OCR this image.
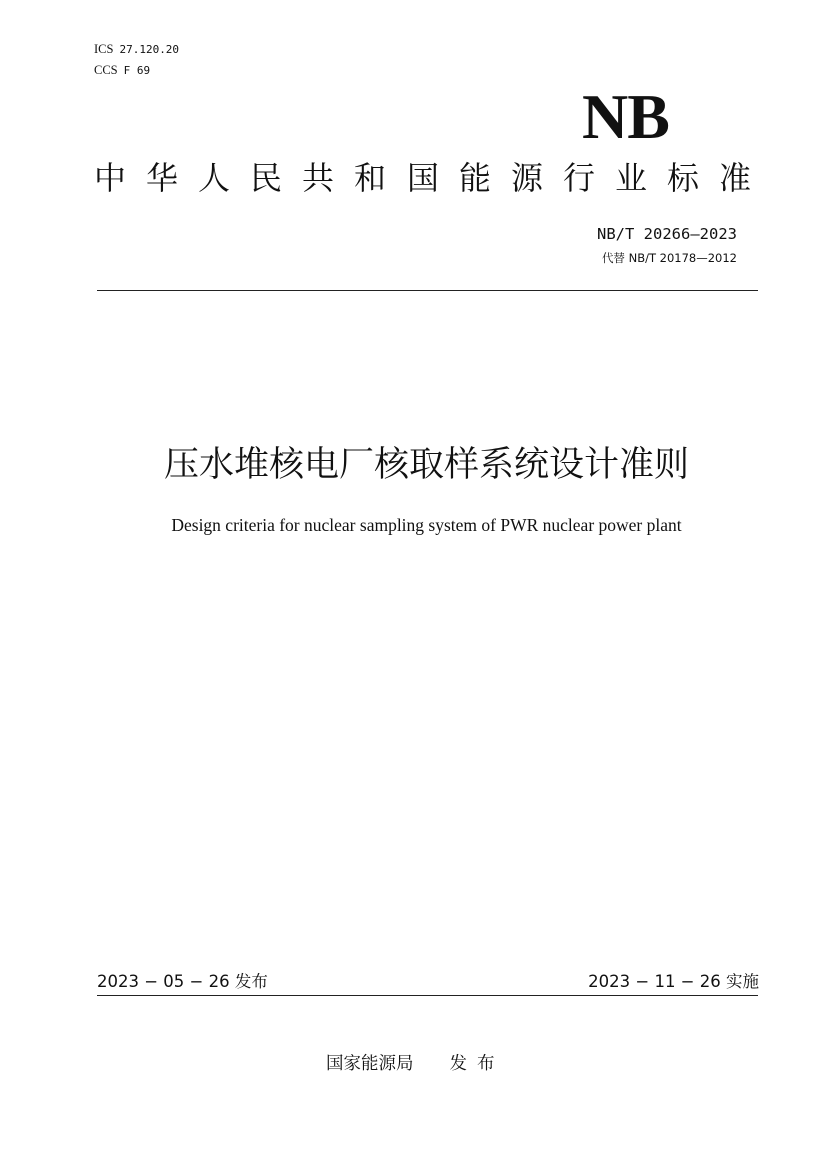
ICS 27.120.20
CCS F 69
NB
中 华 人 民 共 和 国 能 源 行 业 标 准
NB/T 20266—2023
代替 NB/T 20178—2012
压水堆核电厂核取样系统设计准则
Design criteria for nuclear sampling system of PWR nuclear power plant
2023 − 05 − 26 发布	2023 − 11 − 26 实施
国家能源局 发布
